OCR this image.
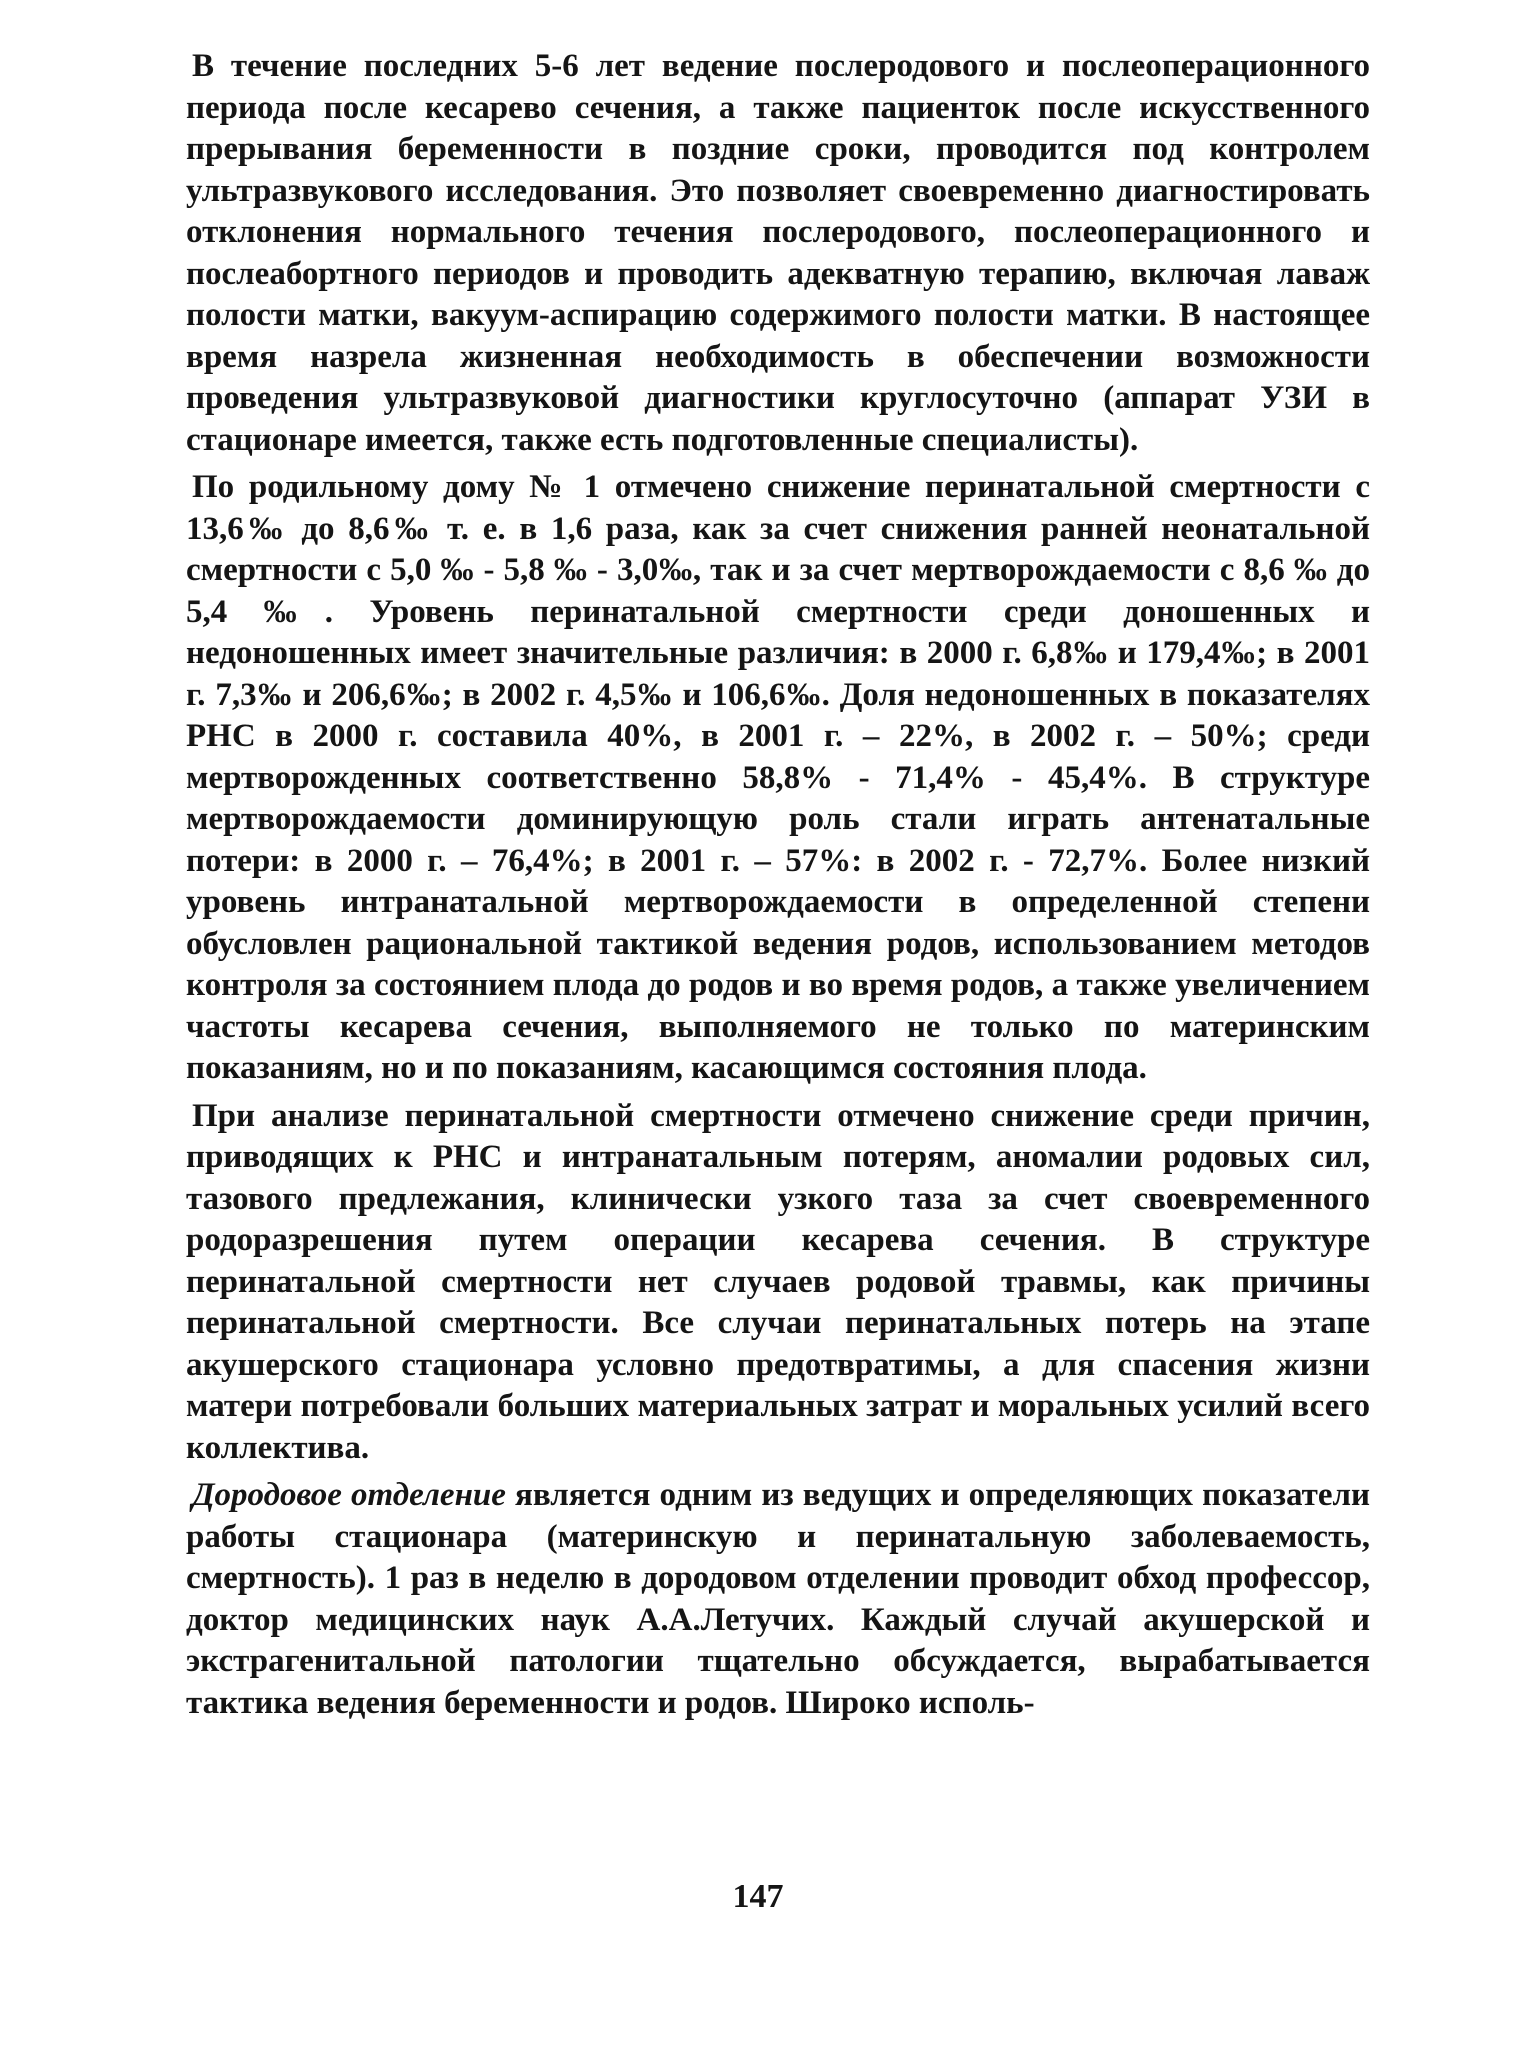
В течение последних 5-6 лет ведение послеродового и послеоперационного периода после кесарево сечения, а также пациенток после искусственного прерывания беременности в поздние сроки, проводится под контролем ультразвукового исследования. Это позволяет своевременно диагностировать отклонения нормального течения послеродового, послеоперационного и послеабортного периодов и проводить адекватную терапию, включая лаваж полости матки, вакуум-аспирацию содержимого полости матки. В настоящее время назрела жизненная необходимость в обеспечении возможности проведения ультразвуковой диагностики круглосуточно (аппарат УЗИ в стационаре имеется, также есть подготовленные специалисты).

По родильному дому № 1 отмечено снижение перинатальной смертности с 13,6‰ до 8,6‰ т. е. в 1,6 раза, как за счет снижения ранней неонатальной смертности с 5,0 ‰ - 5,8 ‰ - 3,0‰, так и за счет мертворождаемости с 8,6 ‰ до 5,4 ‰. Уровень перинатальной смертности среди доношенных и недоношенных имеет значительные различия: в 2000 г. 6,8‰ и 179,4‰; в 2001 г. 7,3‰ и 206,6‰; в 2002 г. 4,5‰ и 106,6‰. Доля недоношенных в показателях РНС в 2000 г. составила 40%, в 2001 г. – 22%, в 2002 г. – 50%; среди мертворожденных соответственно 58,8% - 71,4% - 45,4%. В структуре мертворождаемости доминирующую роль стали играть антенатальные потери: в 2000 г. – 76,4%; в 2001 г. – 57%: в 2002 г. - 72,7%. Более низкий уровень интранатальной мертворождаемости в определенной степени обусловлен рациональной тактикой ведения родов, использованием методов контроля за состоянием плода до родов и во время родов, а также увеличением частоты кесарева сечения, выполняемого не только по материнским показаниям, но и по показаниям, касающимся состояния плода.

При анализе перинатальной смертности отмечено снижение среди причин, приводящих к РНС и интранатальным потерям, аномалии родовых сил, тазового предлежания, клинически узкого таза за счет своевременного родоразрешения путем операции кесарева сечения. В структуре перинатальной смертности нет случаев родовой травмы, как причины перинатальной смертности. Все случаи перинатальных потерь на этапе акушерского стационара условно предотвратимы, а для спасения жизни матери потребовали больших материальных затрат и моральных усилий всего коллектива.

Дородовое отделение является одним из ведущих и определяющих показатели работы стационара (материнскую и перинатальную заболеваемость, смертность). 1 раз в неделю в дородовом отделении проводит обход профессор, доктор медицинских наук А.А.Летучих. Каждый случай акушерской и экстрагенитальной патологии тщательно обсуждается, вырабатывается тактика ведения беременности и родов. Широко исполь-

147
